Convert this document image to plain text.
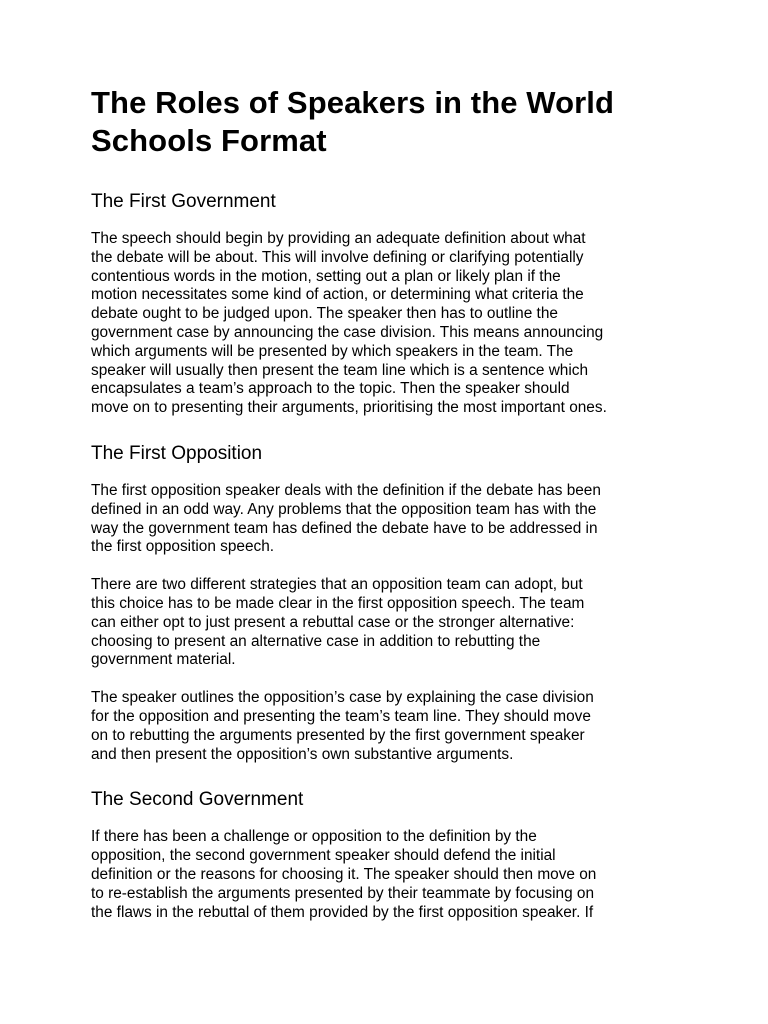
The Roles of Speakers in the World
Schools Format
The First Government

The speech should begin by providing an adequate definition about what
the debate will be about. This will involve defining or clarifying potentially
contentious words in the motion, setting out a plan or likely plan if the
motion necessitates some kind of action, or determining what criteria the
debate ought to be judged upon. The speaker then has to outline the
government case by announcing the case division. This means announcing
which arguments will be presented by which speakers in the team. The
speaker will usually then present the team line which is a sentence which
encapsulates a team’s approach to the topic. Then the speaker should
move on to presenting their arguments, prioritising the most important ones.

The First Opposition

The first opposition speaker deals with the definition if the debate has been
defined in an odd way. Any problems that the opposition team has with the
way the government team has defined the debate have to be addressed in
the first opposition speech.

There are two different strategies that an opposition team can adopt, but
this choice has to be made clear in the first opposition speech. The team
can either opt to just present a rebuttal case or the stronger alternative:
choosing to present an alternative case in addition to rebutting the
government material.

The speaker outlines the opposition’s case by explaining the case division
for the opposition and presenting the team’s team line. They should move
on to rebutting the arguments presented by the first government speaker
and then present the opposition’s own substantive arguments.

The Second Government

If there has been a challenge or opposition to the definition by the
opposition, the second government speaker should defend the initial
definition or the reasons for choosing it. The speaker should then move on
to re-establish the arguments presented by their teammate by focusing on
the flaws in the rebuttal of them provided by the first opposition speaker. If
